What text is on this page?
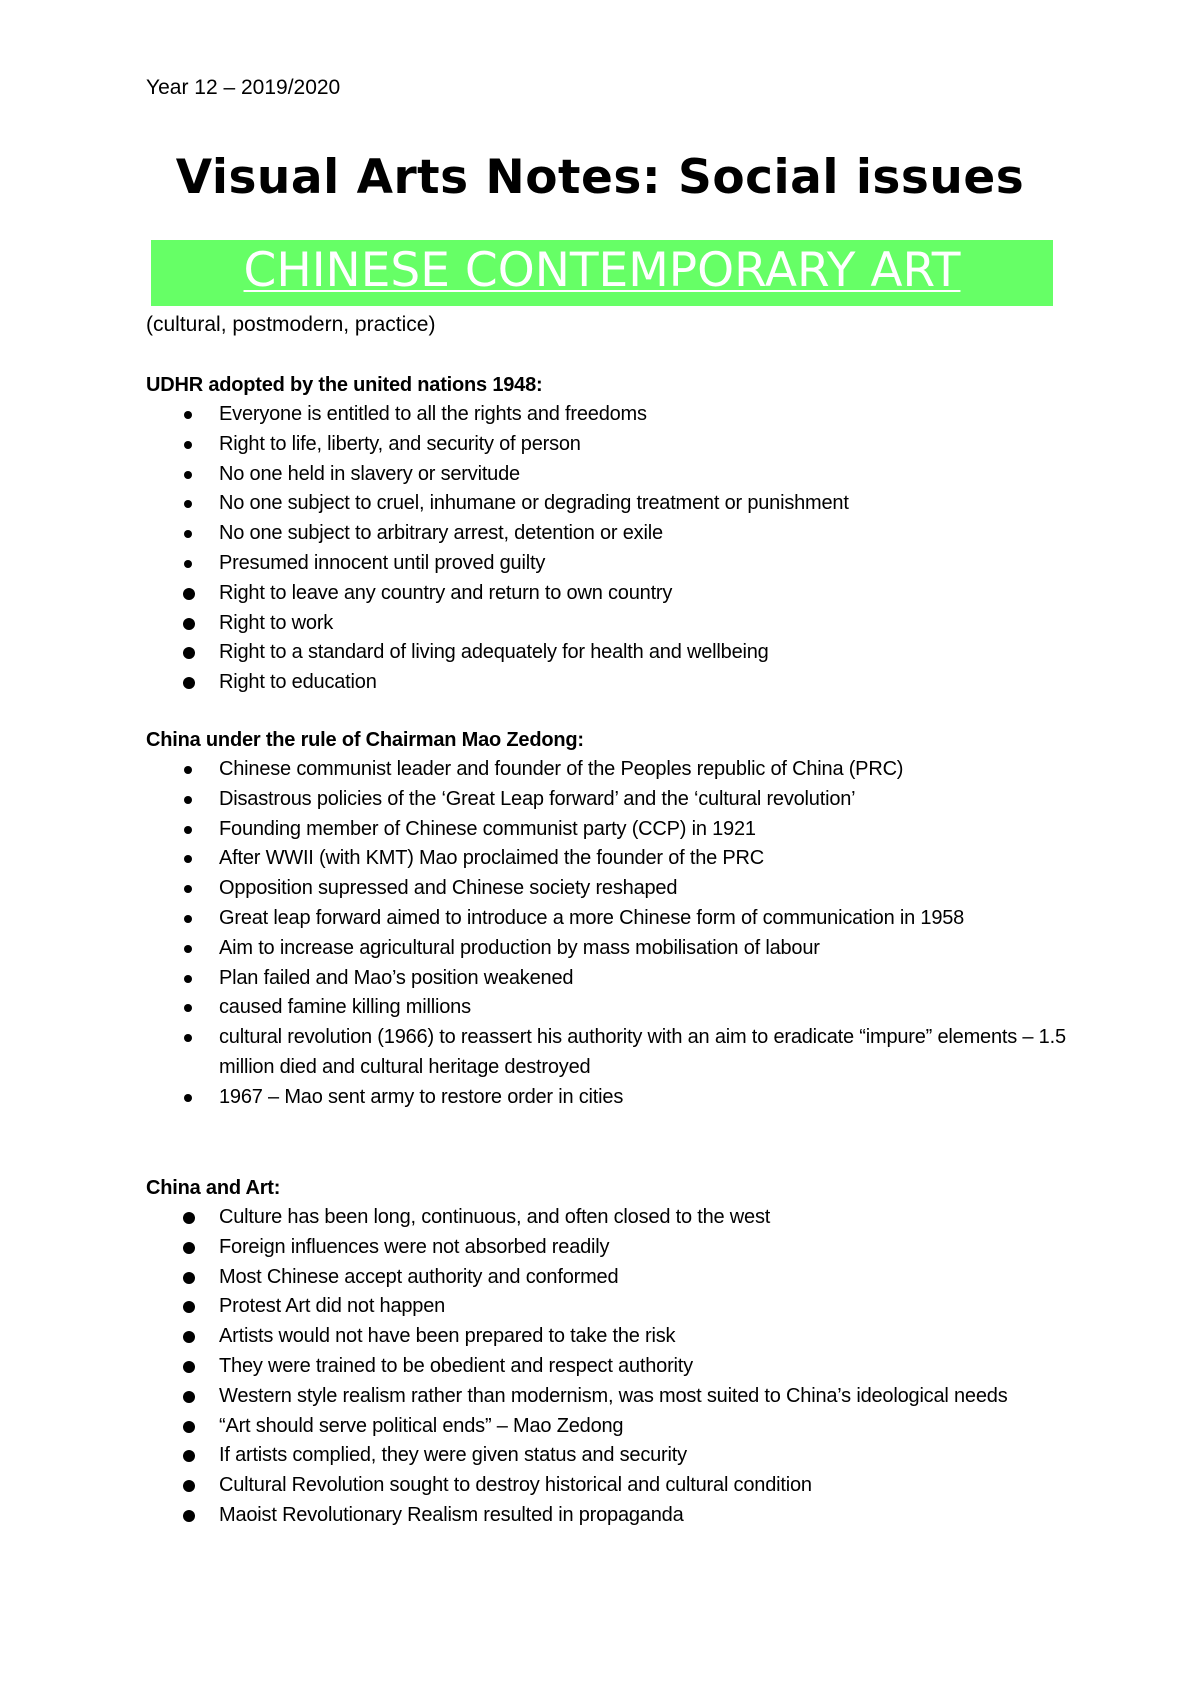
Year 12 – 2019/2020
Visual Arts Notes: Social issues
CHINESE CONTEMPORARY ART
(cultural, postmodern, practice)
UDHR adopted by the united nations 1948:
Everyone is entitled to all the rights and freedoms
Right to life, liberty, and security of person
No one held in slavery or servitude
No one subject to cruel, inhumane or degrading treatment or punishment
No one subject to arbitrary arrest, detention or exile
Presumed innocent until proved guilty
Right to leave any country and return to own country
Right to work
Right to a standard of living adequately for health and wellbeing
Right to education
China under the rule of Chairman Mao Zedong:
Chinese communist leader and founder of the Peoples republic of China (PRC)
Disastrous policies of the ‘Great Leap forward’ and the ‘cultural revolution’
Founding member of Chinese communist party (CCP) in 1921
After WWII (with KMT) Mao proclaimed the founder of the PRC
Opposition supressed and Chinese society reshaped
Great leap forward aimed to introduce a more Chinese form of communication in 1958
Aim to increase agricultural production by mass mobilisation of labour
Plan failed and Mao’s position weakened
caused famine killing millions
cultural revolution (1966) to reassert his authority with an aim to eradicate “impure” elements – 1.5 million died and cultural heritage destroyed
1967 – Mao sent army to restore order in cities
China and Art:
Culture has been long, continuous, and often closed to the west
Foreign influences were not absorbed readily
Most Chinese accept authority and conformed
Protest Art did not happen
Artists would not have been prepared to take the risk
They were trained to be obedient and respect authority
Western style realism rather than modernism, was most suited to China’s ideological needs
“Art should serve political ends” – Mao Zedong
If artists complied, they were given status and security
Cultural Revolution sought to destroy historical and cultural condition
Maoist Revolutionary Realism resulted in propaganda
